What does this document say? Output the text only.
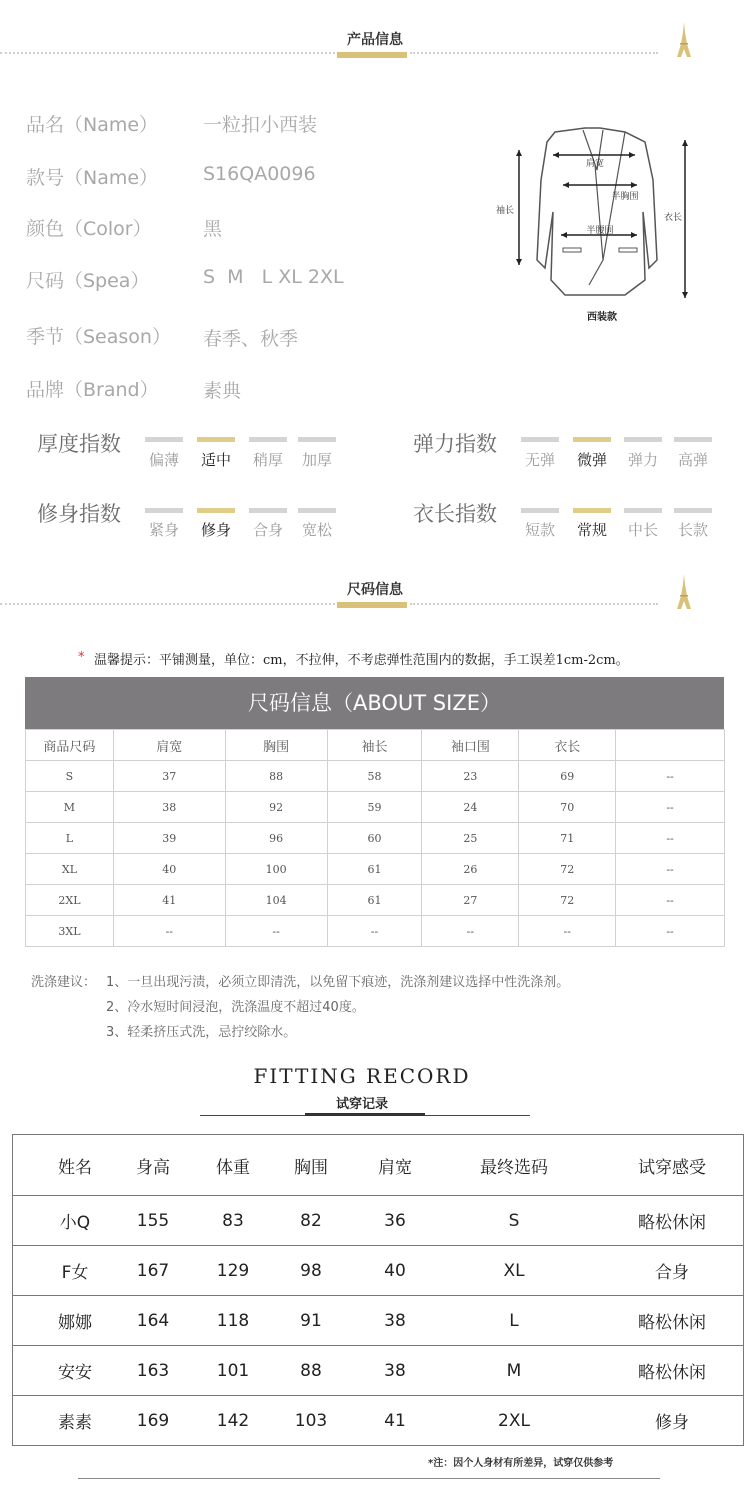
产品信息
品名（Name） 一粒扣小西装
款号（Name） S16QA0096
颜色（Color）	黑
尺码（Spea）	S  M   L XL 2XL
季节（Season） 春季、秋季
品牌（Brand） 素典
肩宽
半胸围
半腰围
袖长
衣长
西装款
厚度指数
偏薄	适中	稍厚	加厚
弹力指数
无弹	微弹	弹力	高弹
修身指数
紧身	修身	合身	宽松
衣长指数
短款	常规	中长	长款
尺码信息
* 温馨提示：平铺测量，单位：cm，不拉伸，不考虑弹性范围内的数据，手工误差1cm-2cm。
尺码信息（ABOUT SIZE）
商品尺码	肩宽	胸围	袖长	袖口围	衣长	
S	37	88	58	23	69	--
M	38	92	59	24	70	--
L	39	96	60	25	71	--
XL	40	100	61	26	72	--
2XL	41	104	61	27	72	--
3XL	--	--	--	--	--	--
洗涤建议： 1、一旦出现污渍，必须立即清洗，以免留下痕迹，洗涤剂建议选择中性洗涤剂。
2、冷水短时间浸泡，洗涤温度不超过40度。
3、轻柔挤压式洗，忌拧绞除水。
FITTING RECORD
试穿记录
姓名	身高	体重	胸围	肩宽	最终选码	试穿感受
小Q	155	83	82	36	S	略松休闲
F女	167	129	98	40	XL	合身
娜娜	164	118	91	38	L	略松休闲
安安	163	101	88	38	M	略松休闲
素素	169	142	103	41	2XL	修身
*注：因个人身材有所差异，试穿仅供参考
